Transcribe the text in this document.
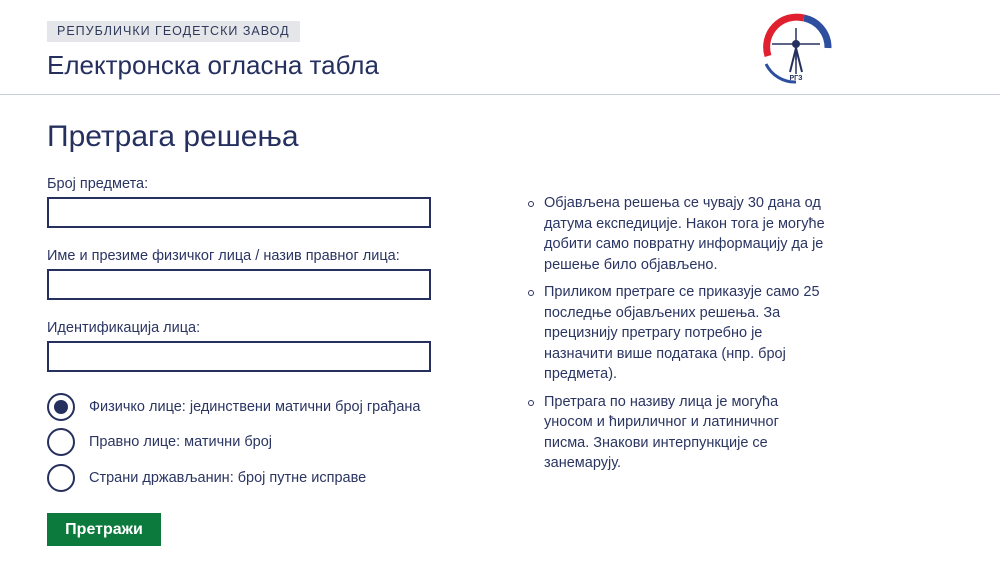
РЕПУБЛИЧКИ ГЕОДЕТСКИ ЗАВОД
Електронска огласна табла	РГЗ
Претрага решења
Број предмета:
Име и презиме физичког лица / назив правног лица:
Идентификација лица:
Физичко лице: јединствени матични број грађана
Правно лице: матични број
Страни држављанин: број путне исправе
Претражи
Објављена решења се чувају 30 дана од датума експедиције. Након тога је могуће добити само повратну информацију да је решење било објављено.
Приликом претраге се приказује само 25 последње објављених решења. За прецизнију претрагу потребно је назначити више података (нпр. број предмета).
Претрага по називу лица је могућа уносом и ћириличног и латиничног писма. Знакови интерпункције се занемарују.
